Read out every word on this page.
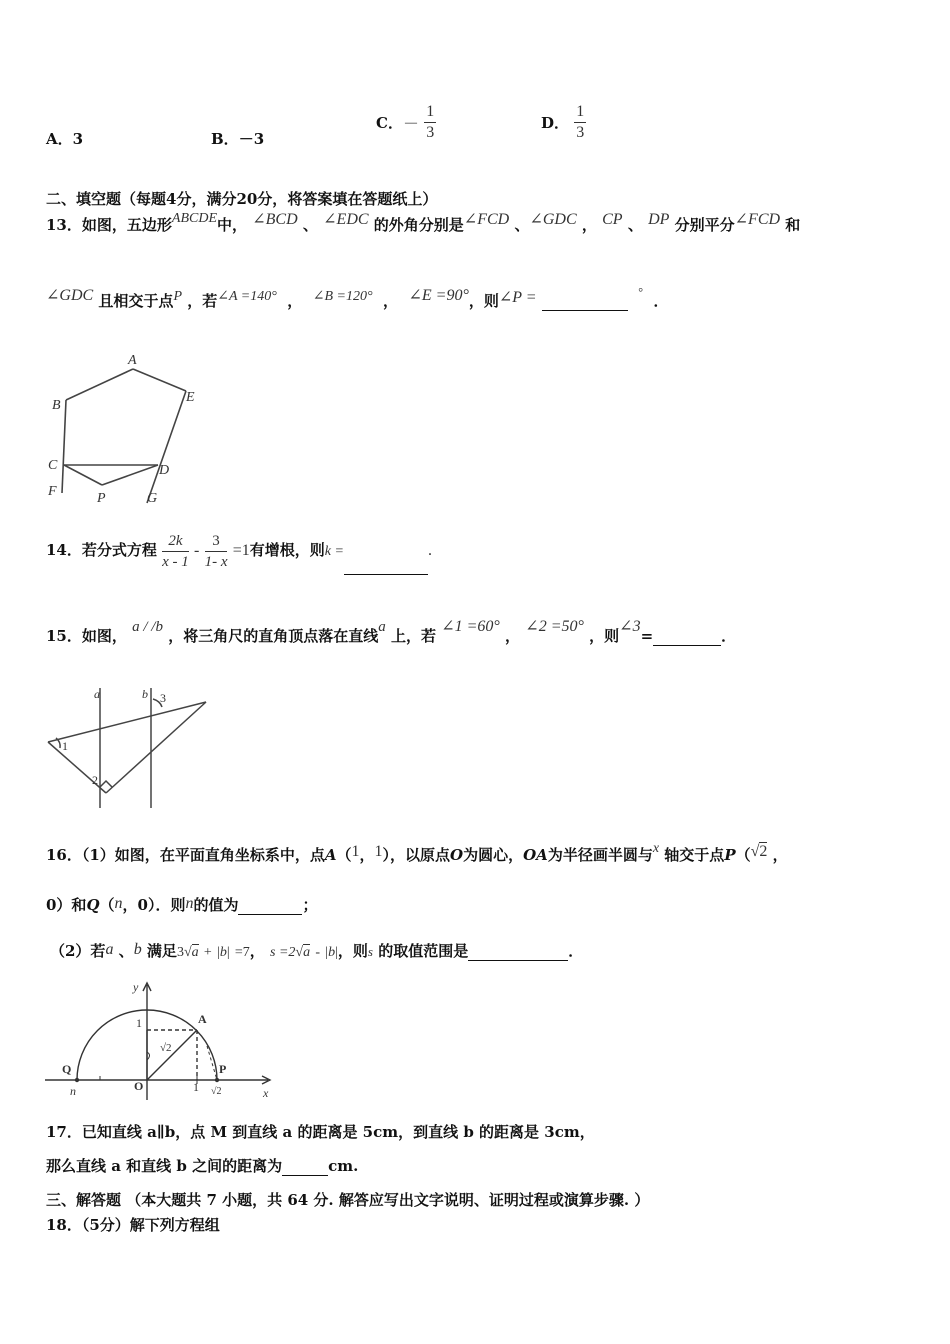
A．3	B．－3
C．－ $\frac{1}{3}$	D． $\frac{1}{3}$
二、填空题（每题4分，满分20分，将答案填在答题纸上）
13．如图，五边形ABCDE中， ∠BCD 、 ∠EDC 的外角分别是∠FCD 、∠GDC ， CP 、 DP 分别平分∠FCD 和
∠GDC 且相交于点P ，若∠A =140° ， ∠B =120° ， ∠E =90°，则∠P =	° ．
A
B
E
C	D
F	P	G
14．若分式方程 $\frac{2k}{x - 1} - \frac{3}{1- x} =1$有增根，则k =	.
15．如图， a / /b ，将三角尺的直角顶点落在直线a 上，若 ∠1 =60° ， ∠2 =50° ，则∠3=	．
a	b 3
1
2
16．（1）如图，在平面直角坐标系中，点A（1，1），以原点O为圆心，OA为半径画半圆与x 轴交于点P（√2 ，
0）和Q（n，0）．则n的值为	；
（2）若a 、b 满足3√a + |b| =7， s =2√a - |b|，则s 的取值范围是	．
y
x
1	A
√2
Q
O
P
n	1 √2
17．已知直线 a∥b，点 M 到直线 a 的距离是 5cm，到直线 b 的距离是 3cm，
那么直线 a 和直线 b 之间的距离为	cm.
三、解答题 （本大题共 7 小题，共 64 分. 解答应写出文字说明、证明过程或演算步骤. ）
18．（5分）解下列方程组
